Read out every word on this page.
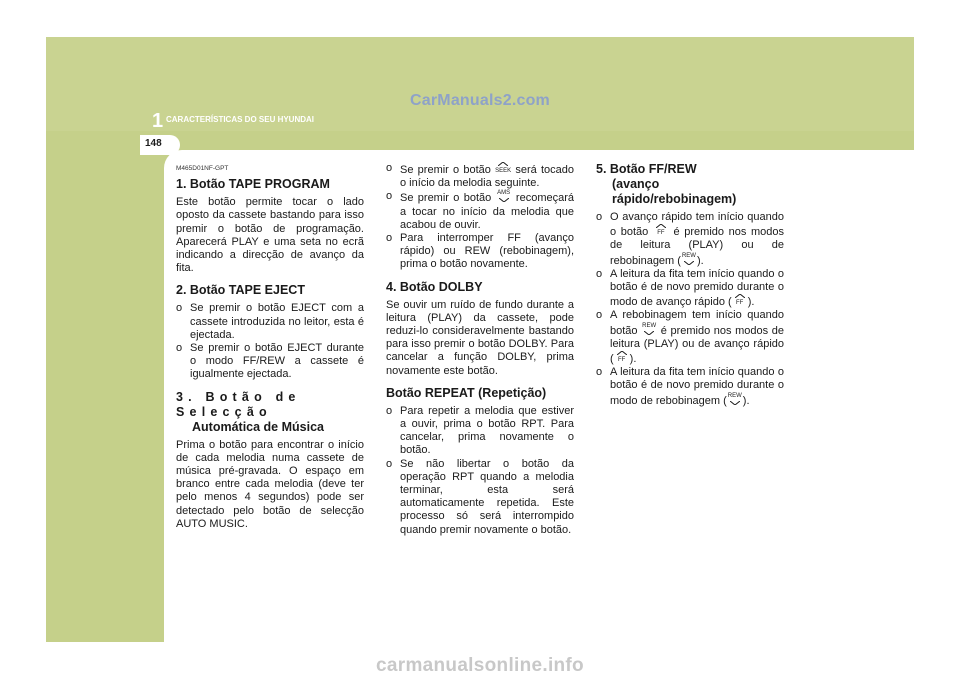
CarManuals2.com
1 CARACTERÍSTICAS DO SEU HYUNDAI
148
M465D01NF-GPT
1. Botão TAPE PROGRAM

Este botão permite tocar o lado oposto da cassete bastando para isso premir o botão de programação. Aparecerá PLAY e uma seta no ecrã indicando a direcção de avanço da fita.

2. Botão TAPE EJECT
o Se premir o botão EJECT com a cassete introduzida no leitor, esta é ejectada.
o Se premir o botão EJECT durante o modo FF/REW a cassete é igualmente ejectada.
3. Botão de Selecção
Automática de Música

Prima o botão para encontrar o início de cada melodia numa cassete de música pré-gravada. O espaço em branco entre cada melodia (deve ter pelo menos 4 segundos) pode ser detectado pelo botão de selecção AUTO MUSIC.

o Se premir o botão SEEK será tocado o início da melodia seguinte.
o Se premir o botão AMS recomeçará a tocar no início da melodia que acabou de ouvir.
o Para interromper FF (avanço rápido) ou REW (rebobinagem), prima o botão novamente.
4. Botão DOLBY

Se ouvir um ruído de fundo durante a leitura (PLAY) da cassete, pode reduzi-lo consideravelmente bastando para isso premir o botão DOLBY. Para cancelar a função DOLBY, prima novamente este botão.

Botão REPEAT (Repetição)
o Para repetir a melodia que estiver a ouvir, prima o botão RPT. Para cancelar, prima novamente o botão.
o Se não libertar o botão da operação RPT quando a melodia terminar, esta será automaticamente repetida. Este processo só será interrompido quando premir novamente o botão.
5. Botão FF/REW
(avanço rápido/rebobinagem)
o O avanço rápido tem início quando o botão	FF é premido nos modos de leitura (PLAY) ou de rebobinagem ( REW ).
o A leitura da fita tem início quando o botão é de novo premido durante o modo de avanço rápido ( FF ).
o A rebobinagem tem início quando botão REW é premido nos modos de leitura (PLAY) ou de avanço rápido ( FF ).
o A leitura da fita tem início quando o botão é de novo premido durante o modo de rebobinagem ( REW ).
carmanualsonline.info
